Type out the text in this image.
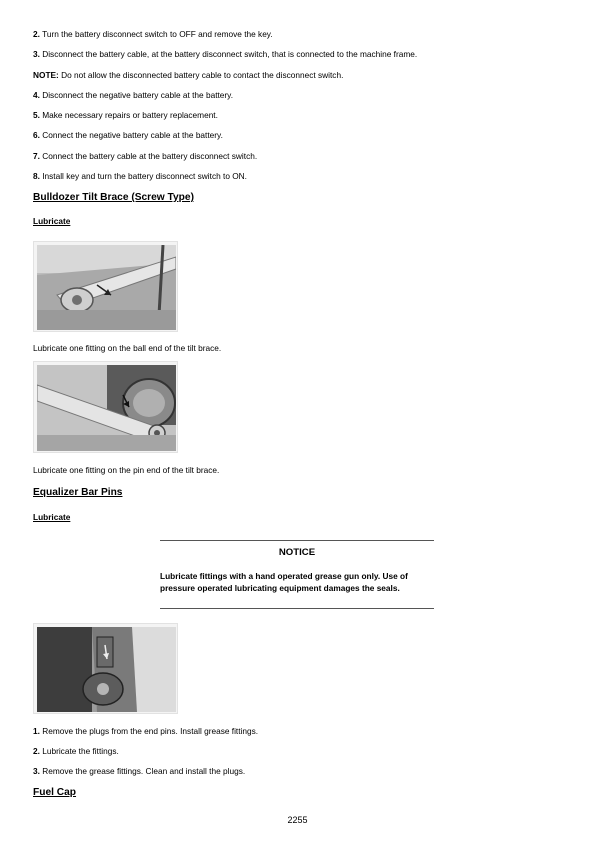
2. Turn the battery disconnect switch to OFF and remove the key.
3. Disconnect the battery cable, at the battery disconnect switch, that is connected to the machine frame.
NOTE: Do not allow the disconnected battery cable to contact the disconnect switch.
4. Disconnect the negative battery cable at the battery.
5. Make necessary repairs or battery replacement.
6. Connect the negative battery cable at the battery.
7. Connect the battery cable at the battery disconnect switch.
8. Install key and turn the battery disconnect switch to ON.
Bulldozer Tilt Brace (Screw Type)
Lubricate
Lubricate one fitting on the ball end of the tilt brace.
Lubricate one fitting on the pin end of the tilt brace.
Equalizer Bar Pins
Lubricate
NOTICE
Lubricate fittings with a hand operated grease gun only. Use of pressure operated lubricating equipment damages the seals.
1. Remove the plugs from the end pins. Install grease fittings.
2. Lubricate the fittings.
3. Remove the grease fittings. Clean and install the plugs.
Fuel Cap
2255
